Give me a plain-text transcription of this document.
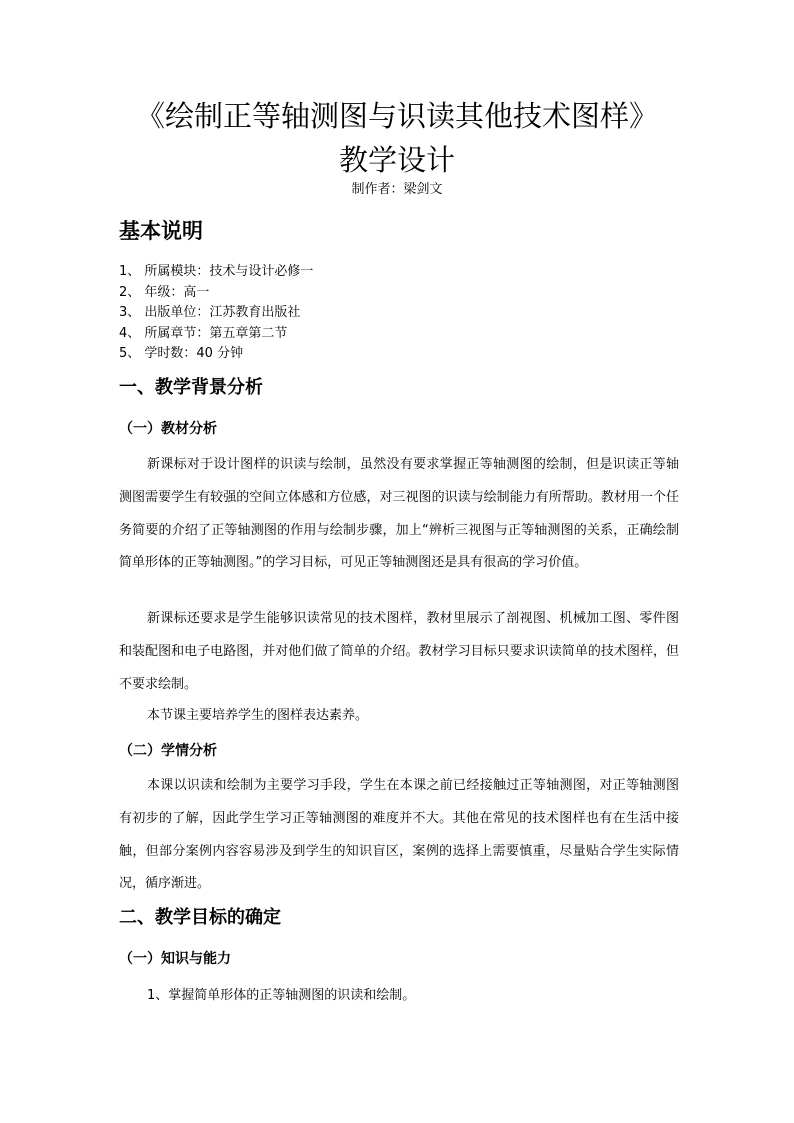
《绘制正等轴测图与识读其他技术图样》
教学设计
制作者：梁剑文
基本说明
1、 所属模块：技术与设计必修一
2、 年级：高一
3、 出版单位：江苏教育出版社
4、 所属章节：第五章第二节
5、 学时数：40 分钟
一、教学背景分析
（一）教材分析
新课标对于设计图样的识读与绘制，虽然没有要求掌握正等轴测图的绘制，但是识读正等轴测图需要学生有较强的空间立体感和方位感，对三视图的识读与绘制能力有所帮助。教材用一个任务简要的介绍了正等轴测图的作用与绘制步骤，加上“辨析三视图与正等轴测图的关系，正确绘制简单形体的正等轴测图。”的学习目标，可见正等轴测图还是具有很高的学习价值。
新课标还要求是学生能够识读常见的技术图样，教材里展示了剖视图、机械加工图、零件图和装配图和电子电路图，并对他们做了简单的介绍。教材学习目标只要求识读简单的技术图样，但不要求绘制。
本节课主要培养学生的图样表达素养。
（二）学情分析
本课以识读和绘制为主要学习手段，学生在本课之前已经接触过正等轴测图，对正等轴测图有初步的了解，因此学生学习正等轴测图的难度并不大。其他在常见的技术图样也有在生活中接触，但部分案例内容容易涉及到学生的知识盲区，案例的选择上需要慎重，尽量贴合学生实际情况，循序渐进。
二、教学目标的确定
（一）知识与能力
1、掌握简单形体的正等轴测图的识读和绘制。
